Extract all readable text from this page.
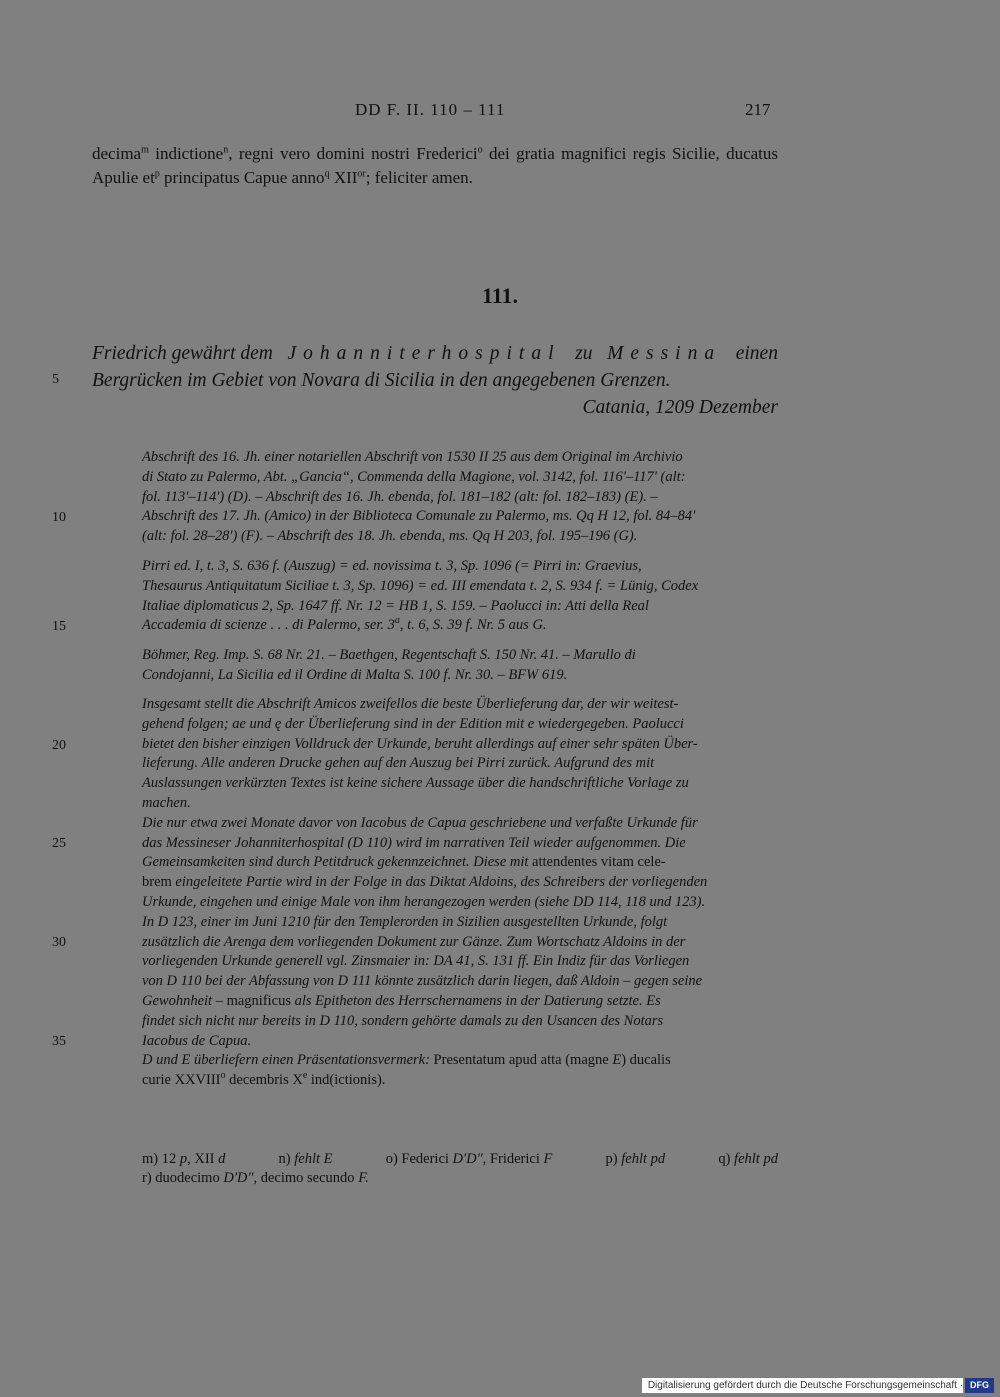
DD F. II. 110 – 111	217
decima$^m$ indictione$^n$, regni vero domini nostri Frederici$^o$ dei gratia magnifici regis Sicilie, ducatus Apulie $et^p$ principatus Capue anno$^q$ $XII^{or}$; feliciter amen.
111.
Friedrich gewährt dem Johanniterhospital zu Messina einen
Bergrücken im Gebiet von Novara di Sicilia in den angegebenen Grenzen.
Catania, 1209 Dezember
5
10
15
20
25
30
35
Abschrift des 16. Jh. einer notariellen Abschrift von 1530 II 25 aus dem Original im Archivio
di Stato zu Palermo, Abt. „Gancia“, Commenda della Magione, vol. 3142, fol. 116'–117' (alt:
fol. 113'–114') (D). – Abschrift des 16. Jh. ebenda, fol. 181–182 (alt: fol. 182–183) (E). –
Abschrift des 17. Jh. (Amico) in der Biblioteca Comunale zu Palermo, ms. Qq H 12, fol. 84–84'
(alt: fol. 28–28') (F). – Abschrift des 18. Jh. ebenda, ms. Qq H 203, fol. 195–196 (G).
Pirri ed. I, t. 3, S. 636 f. (Auszug) = ed. novissima t. 3, Sp. 1096 (= Pirri in: Graevius,
Thesaurus Antiquitatum Siciliae t. 3, Sp. 1096) = ed. III emendata t. 2, S. 934 f. = Lünig, Codex
Italiae diplomaticus 2, Sp. 1647 ff. Nr. 12 = HB 1, S. 159. – Paolucci in: Atti della Real
Accademia di scienze . . . di Palermo, ser. 3$^a$, t. 6, S. 39 f. Nr. 5 aus G.
Böhmer, Reg. Imp. S. 68 Nr. 21. – Baethgen, Regentschaft S. 150 Nr. 41. – Marullo di
Condojanni, La Sicilia ed il Ordine di Malta S. 100 f. Nr. 30. – BFW 619.
Insgesamt stellt die Abschrift Amicos zweifellos die beste Überlieferung dar, der wir weitest-
gehend folgen; ae und ę der Überlieferung sind in der Edition mit e wiedergegeben. Paolucci
bietet den bisher einzigen Volldruck der Urkunde, beruht allerdings auf einer sehr späten Über-
lieferung. Alle anderen Drucke gehen auf den Auszug bei Pirri zurück. Aufgrund des mit
Auslassungen verkürzten Textes ist keine sichere Aussage über die handschriftliche Vorlage zu
machen.
Die nur etwa zwei Monate davor von Iacobus de Capua geschriebene und verfaßte Urkunde für
das Messineser Johanniterhospital (D 110) wird im narrativen Teil wieder aufgenommen. Die
Gemeinsamkeiten sind durch Petitdruck gekennzeichnet. Diese mit attendentes vitam cele-
brem eingeleitete Partie wird in der Folge in das Diktat Aldoins, des Schreibers der vorliegenden
Urkunde, eingehen und einige Male von ihm herangezogen werden (siehe DD 114, 118 und 123).
In D 123, einer im Juni 1210 für den Templerorden in Sizilien ausgestellten Urkunde, folgt
zusätzlich die Arenga dem vorliegenden Dokument zur Gänze. Zum Wortschatz Aldoins in der
vorliegenden Urkunde generell vgl. Zinsmaier in: DA 41, S. 131 ff. Ein Indiz für das Vorliegen
von D 110 bei der Abfassung von D 111 könnte zusätzlich darin liegen, daß Aldoin – gegen seine
Gewohnheit – magnificus als Epitheton des Herrschernamens in der Datierung setzte. Es
findet sich nicht nur bereits in D 110, sondern gehörte damals zu den Usancen des Notars
Iacobus de Capua.
D und E überliefern einen Präsentationsvermerk: Presentatum apud atta (magne E) ducalis
curie XXVIII$^o$ decembris Xe ind(ictionis).
m) 12 p, XII d	n) fehlt E	o) Federici D'D", Friderici F	p) fehlt pd	q) fehlt pd
r) duodecimo D'D", decimo secundo F.
Digitalisierung gefördert durch die Deutsche Forschungsgemeinschaft · DFG
